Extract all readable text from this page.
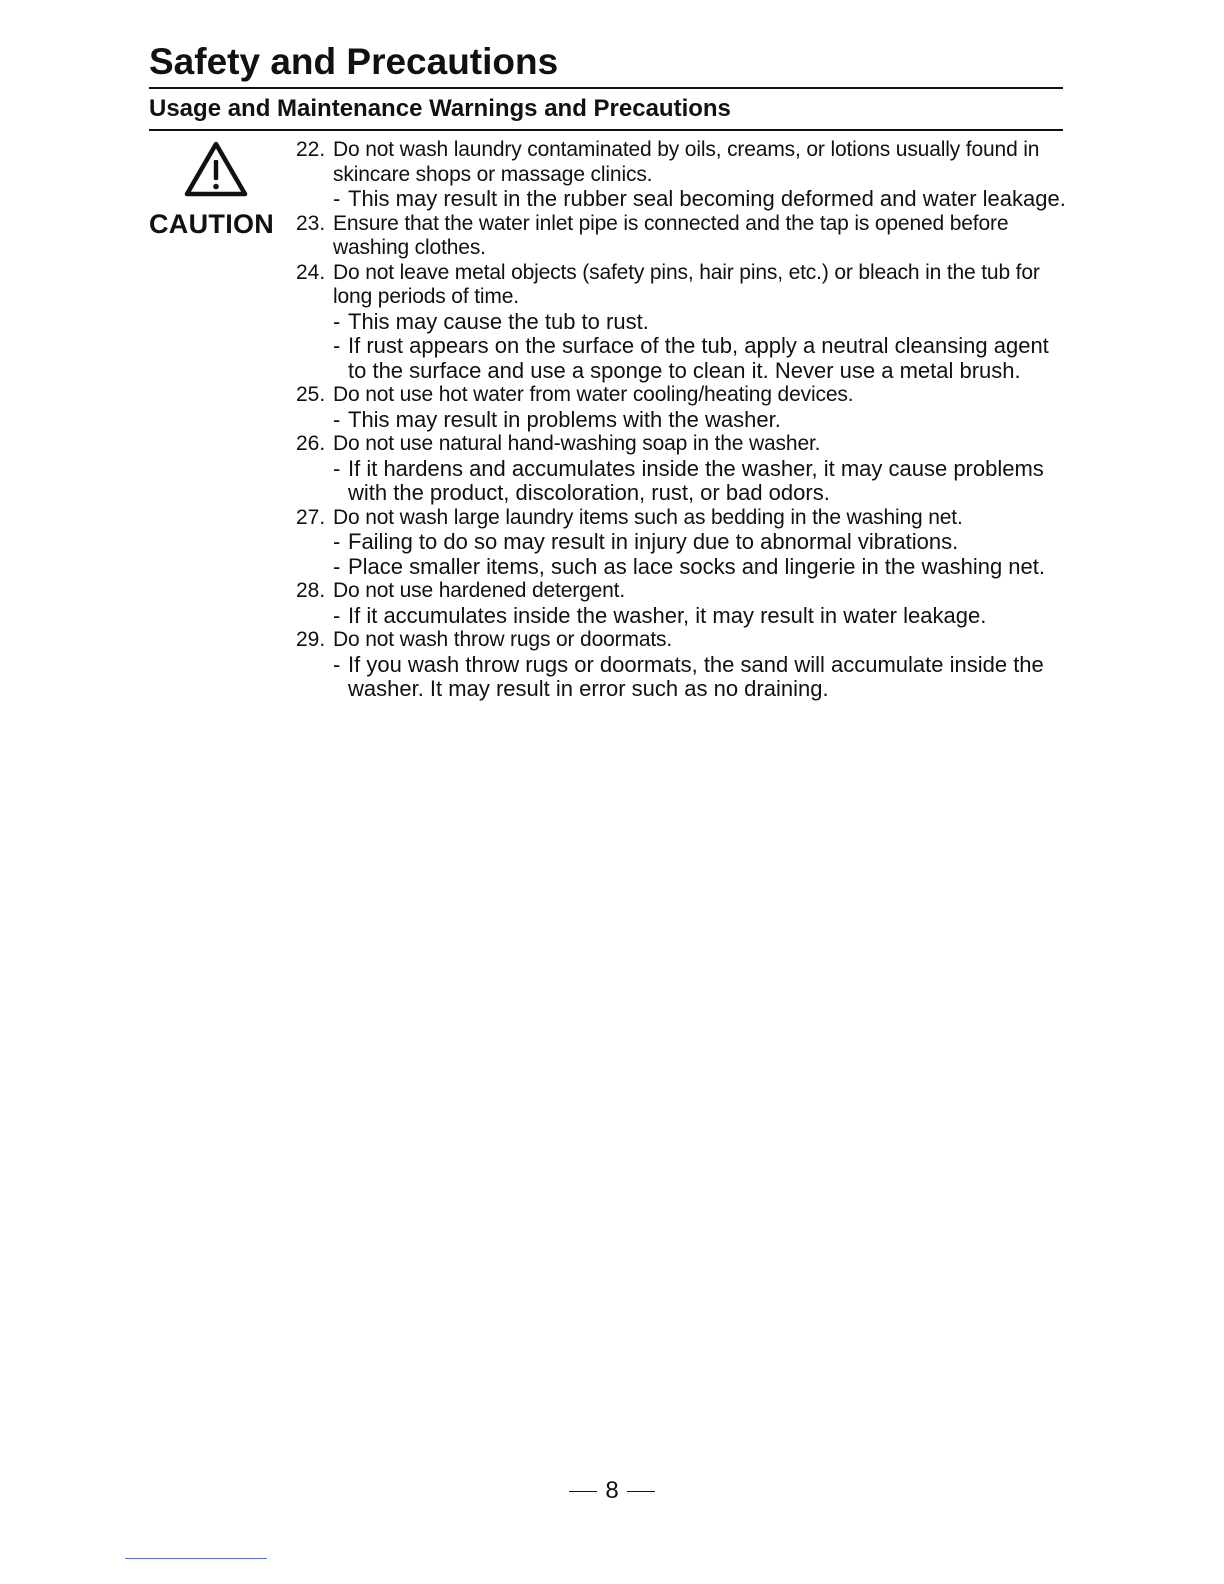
Safety and Precautions
Usage and Maintenance Warnings and Precautions
CAUTION
22. Do not wash laundry contaminated by oils, creams, or lotions usually found in skincare shops or massage clinics.
- This may result in the rubber seal becoming deformed and water leakage.
23. Ensure that the water inlet pipe is connected and the tap is opened before washing clothes.
24. Do not leave metal objects (safety pins, hair pins, etc.) or bleach in the tub for long periods of time.
- This may cause the tub to rust.
- If rust appears on the surface of the tub, apply a neutral cleansing agent to the surface and use a sponge to clean it. Never use a metal brush.
25. Do not use hot water from water cooling/heating devices.
- This may result in problems with the washer.
26. Do not use natural hand-washing soap in the washer.
- If it hardens and accumulates inside the washer, it may cause problems with the product, discoloration, rust, or bad odors.
27. Do not wash large laundry items such as bedding in the washing net.
- Failing to do so may result in injury due to abnormal vibrations.
- Place smaller items, such as lace socks and lingerie in the washing net.
28. Do not use hardened detergent.
- If it accumulates inside the washer, it may result in water leakage.
29. Do not wash throw rugs or doormats.
- If you wash throw rugs or doormats, the sand will accumulate inside the washer. It may result in error such as no draining.
8
